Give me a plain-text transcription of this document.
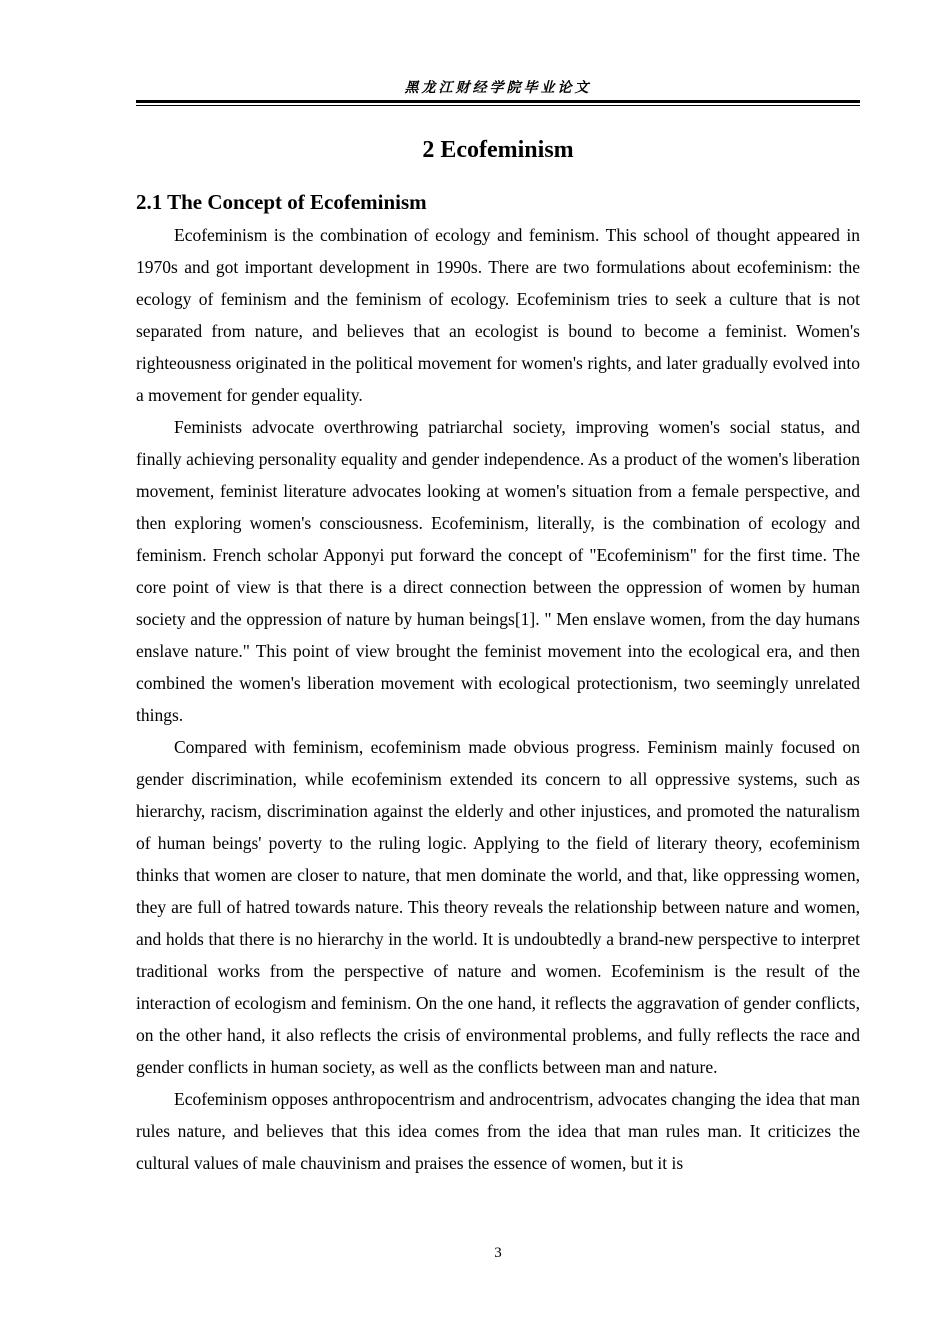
黑龙江财经学院毕业论文
2 Ecofeminism
2.1 The Concept of Ecofeminism

Ecofeminism is the combination of ecology and feminism. This school of thought appeared in 1970s and got important development in 1990s. There are two formulations about ecofeminism: the ecology of feminism and the feminism of ecology. Ecofeminism tries to seek a culture that is not separated from nature, and believes that an ecologist is bound to become a feminist. Women's righteousness originated in the political movement for women's rights, and later gradually evolved into a movement for gender equality.

Feminists advocate overthrowing patriarchal society, improving women's social status, and finally achieving personality equality and gender independence. As a product of the women's liberation movement, feminist literature advocates looking at women's situation from a female perspective, and then exploring women's consciousness. Ecofeminism, literally, is the combination of ecology and feminism. French scholar Apponyi put forward the concept of "Ecofeminism" for the first time. The core point of view is that there is a direct connection between the oppression of women by human society and the oppression of nature by human beings[1]. " Men enslave women, from the day humans enslave nature." This point of view brought the feminist movement into the ecological era, and then combined the women's liberation movement with ecological protectionism, two seemingly unrelated things.

Compared with feminism, ecofeminism made obvious progress. Feminism mainly focused on gender discrimination, while ecofeminism extended its concern to all oppressive systems, such as hierarchy, racism, discrimination against the elderly and other injustices, and promoted the naturalism of human beings' poverty to the ruling logic. Applying to the field of literary theory, ecofeminism thinks that women are closer to nature, that men dominate the world, and that, like oppressing women, they are full of hatred towards nature. This theory reveals the relationship between nature and women, and holds that there is no hierarchy in the world. It is undoubtedly a brand-new perspective to interpret traditional works from the perspective of nature and women. Ecofeminism is the result of the interaction of ecologism and feminism. On the one hand, it reflects the aggravation of gender conflicts, on the other hand, it also reflects the crisis of environmental problems, and fully reflects the race and gender conflicts in human society, as well as the conflicts between man and nature.

Ecofeminism opposes anthropocentrism and androcentrism, advocates changing the idea that man rules nature, and believes that this idea comes from the idea that man rules man. It criticizes the cultural values of male chauvinism and praises the essence of women, but it is

3
